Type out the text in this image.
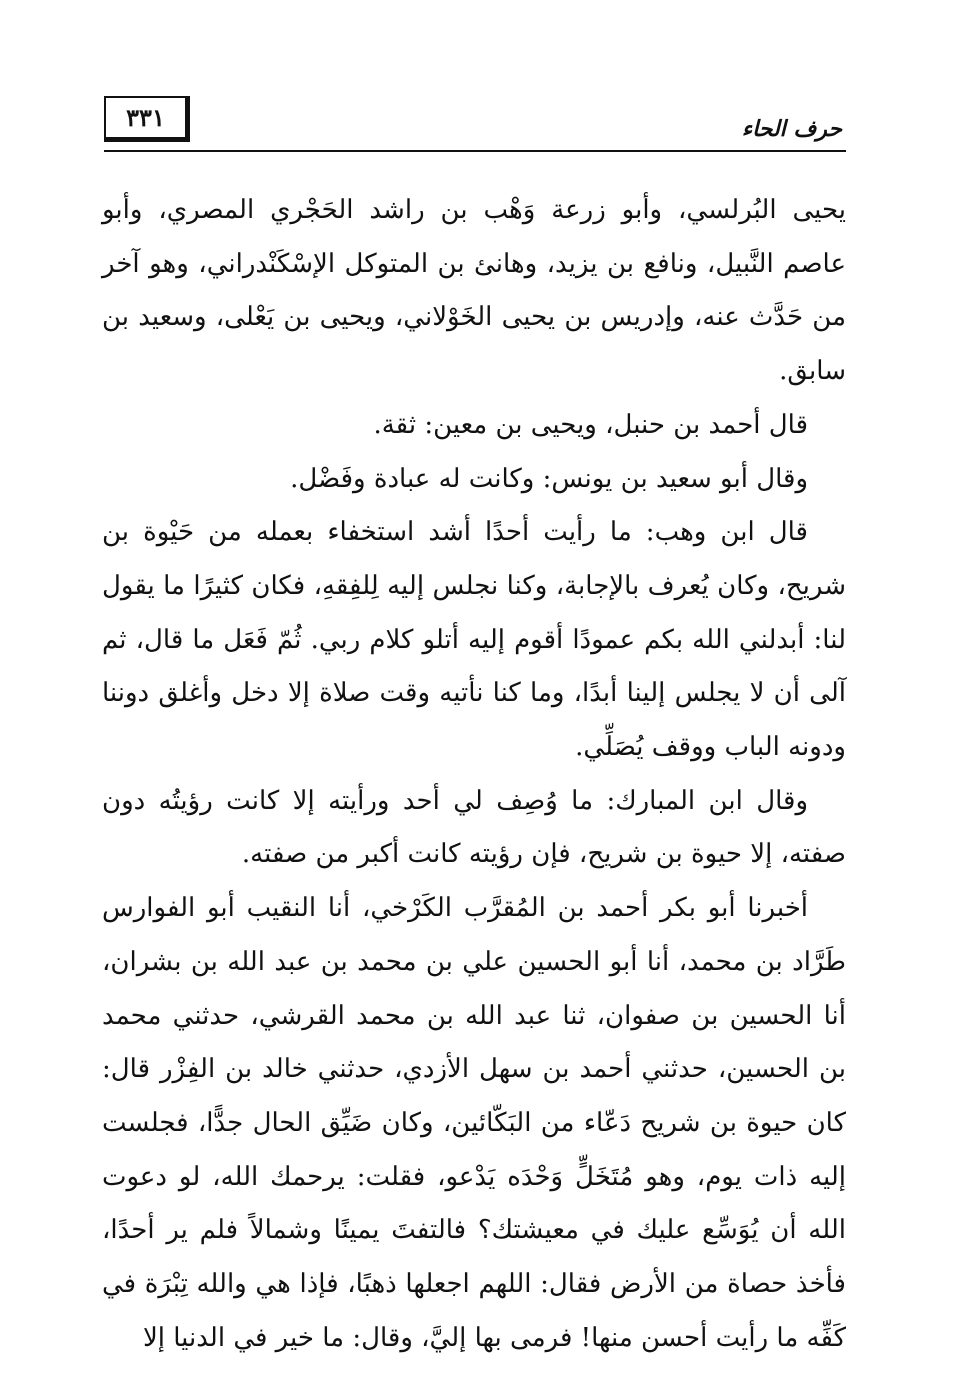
٣٣١	حرف الحاء

يحيى البُرلسي، وأبو زرعة وَهْب بن راشد الحَجْري المصري، وأبو عاصم النَّبيل، ونافع بن يزيد، وهانئ بن المتوكل الإسْكَنْدراني، وهو آخر من حَدَّث عنه، وإدريس بن يحيى الخَوْلاني، ويحيى بن يَعْلى، وسعيد بن سابق.

قال أحمد بن حنبل، ويحيى بن معين: ثقة.

وقال أبو سعيد بن يونس: وكانت له عبادة وفَضْل.

قال ابن وهب: ما رأيت أحدًا أشد استخفاء بعمله من حَيْوة بن شريح، وكان يُعرف بالإجابة، وكنا نجلس إليه لِلفِقهِ، فكان كثيرًا ما يقول لنا: أبدلني الله بكم عمودًا أقوم إليه أتلو كلام ربي. ثُمّ فَعَل ما قال، ثم آلى أن لا يجلس إلينا أبدًا، وما كنا نأتيه وقت صلاة إلا دخل وأغلق دوننا ودونه الباب ووقف يُصَلِّي.

وقال ابن المبارك: ما وُصِف لي أحد ورأيته إلا كانت رؤيتُه دون صفته، إلا حيوة بن شريح، فإن رؤيته كانت أكبر من صفته.

أخبرنا أبو بكر أحمد بن المُقرَّب الكَرْخي، أنا النقيب أبو الفوارس طَرَّاد بن محمد، أنا أبو الحسين علي بن محمد بن عبد الله بن بشران، أنا الحسين بن صفوان، ثنا عبد الله بن محمد القرشي، حدثني محمد بن الحسين، حدثني أحمد بن سهل الأزدي، حدثني خالد بن الفِزْر قال: كان حيوة بن شريح دَعّاء من البَكّائين، وكان ضَيِّق الحال جدًّا، فجلست إليه ذات يوم، وهو مُتَخَلٍّ وَحْدَه يَدْعو، فقلت: يرحمك الله، لو دعوت الله أن يُوَسِّع عليك في معيشتك؟ فالتفتَ يمينًا وشمالاً فلم ير أحدًا، فأخذ حصاة من الأرض فقال: اللهم اجعلها ذهبًا، فإذا هي والله تِبْرَة في كَفِّه ما رأيت أحسن منها! فرمى بها إليَّ، وقال: ما خير في الدنيا إلا
